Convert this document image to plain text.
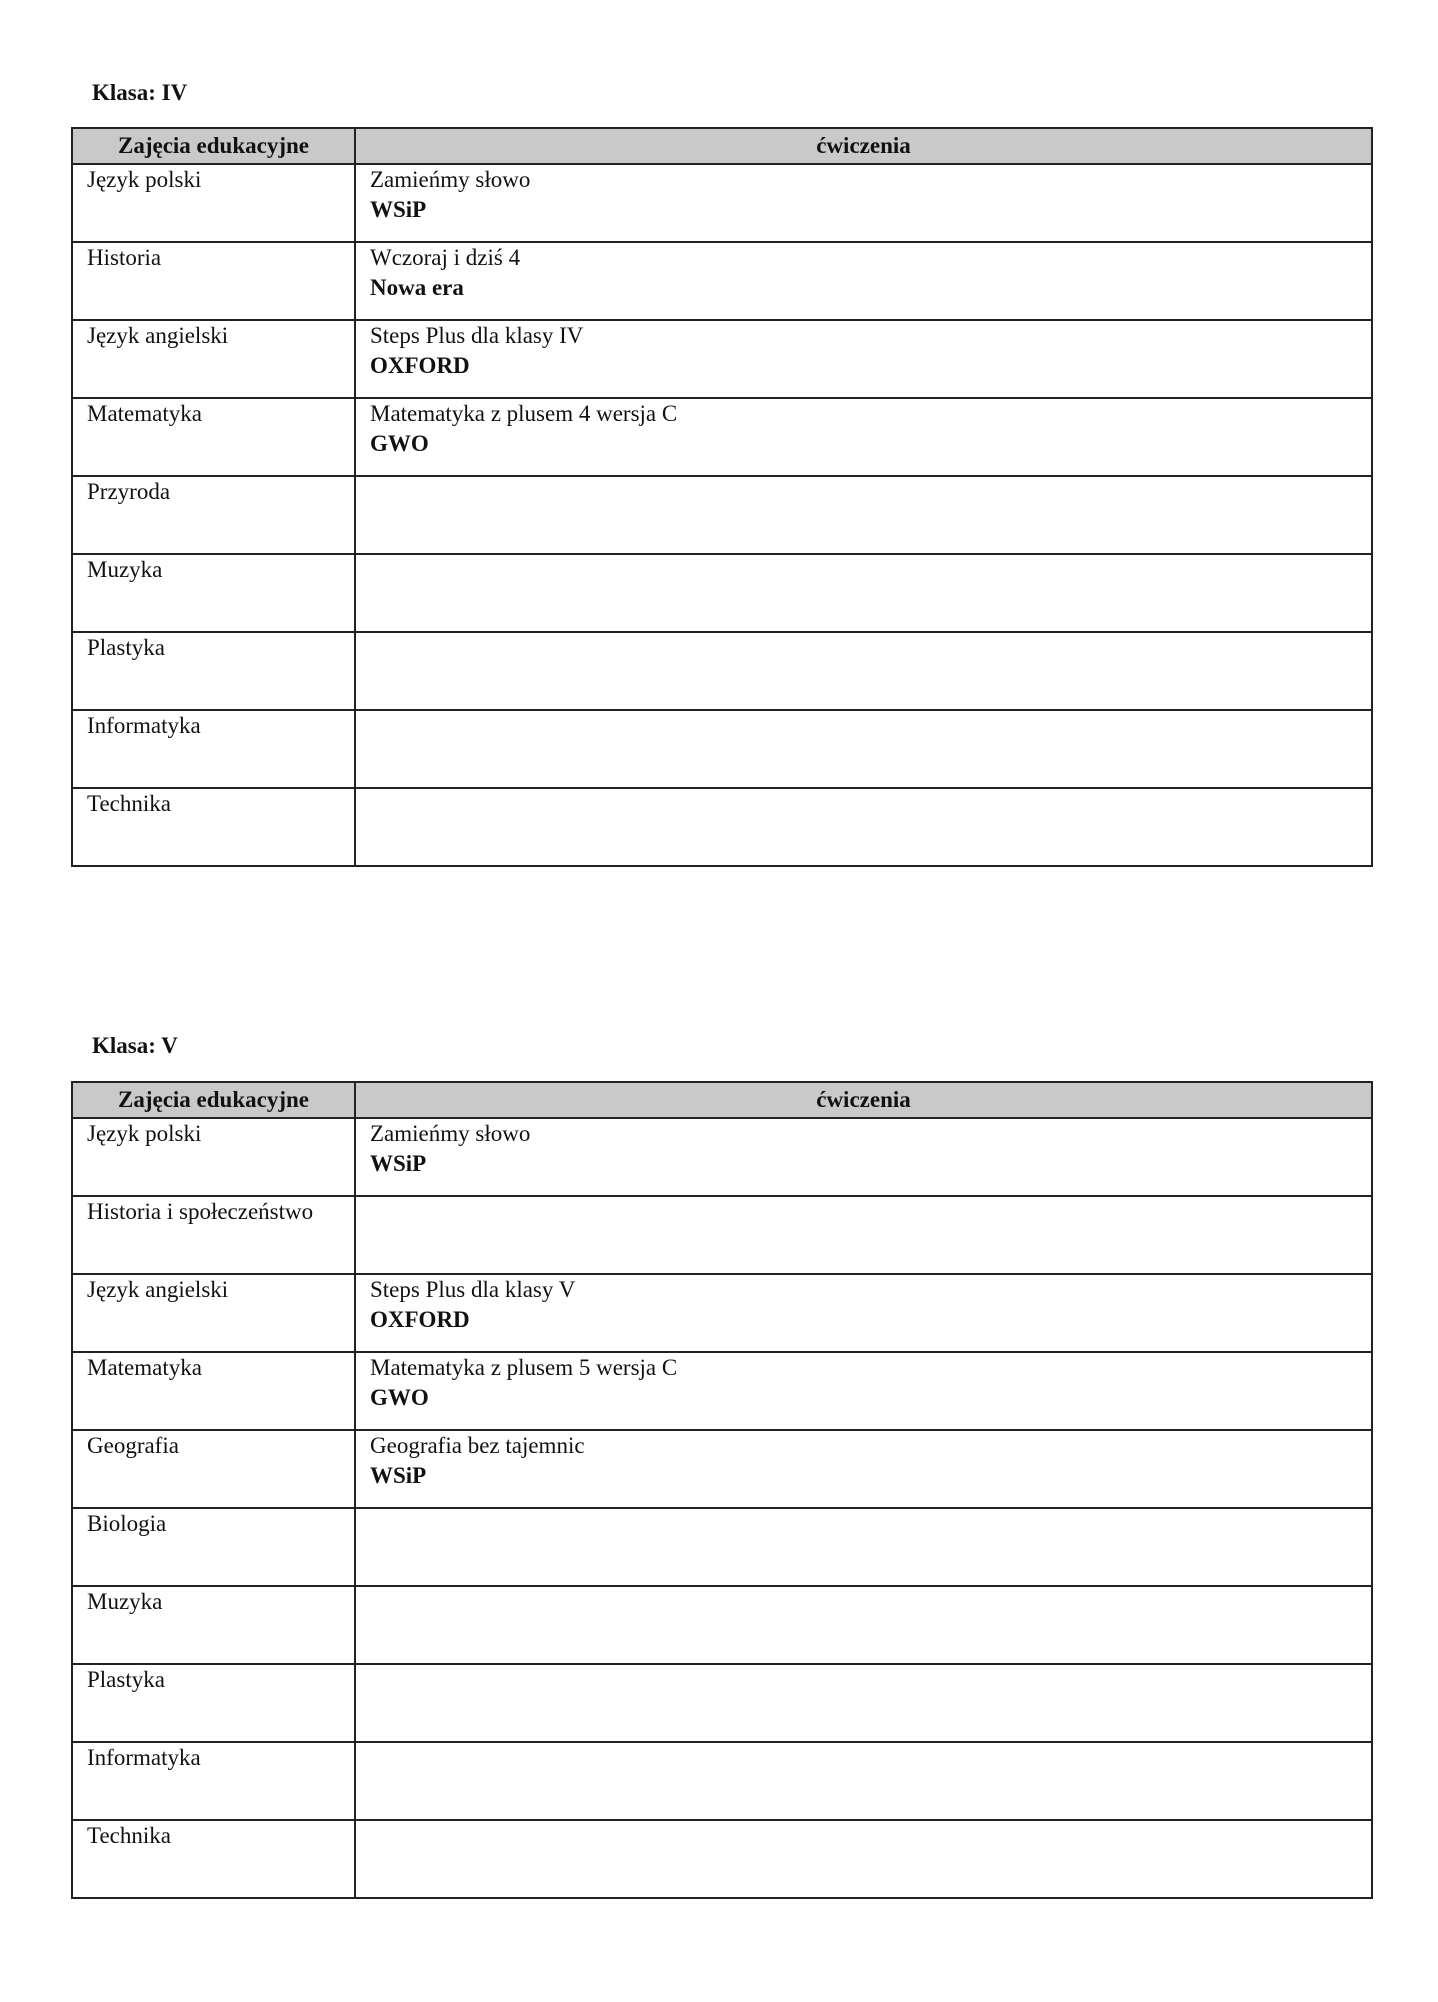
Klasa: IV
Zajęcia edukacyjne	ćwiczenia

Język polski	Zamieńmy słowo
WSiP

Historia	Wczoraj i dziś 4
Nowa era

Język angielski	Steps Plus dla klasy IV
OXFORD

Matematyka	Matematyka z plusem 4 wersja C
GWO

Przyroda	

Muzyka	

Plastyka	

Informatyka	

Technika	

Klasa: V
Zajęcia edukacyjne	ćwiczenia

Język polski	Zamieńmy słowo
WSiP

Historia i społeczeństwo	

Język angielski	Steps Plus dla klasy V
OXFORD

Matematyka	Matematyka z plusem 5 wersja C
GWO

Geografia	Geografia bez tajemnic
WSiP

Biologia	

Muzyka	

Plastyka	

Informatyka	

Technika	
